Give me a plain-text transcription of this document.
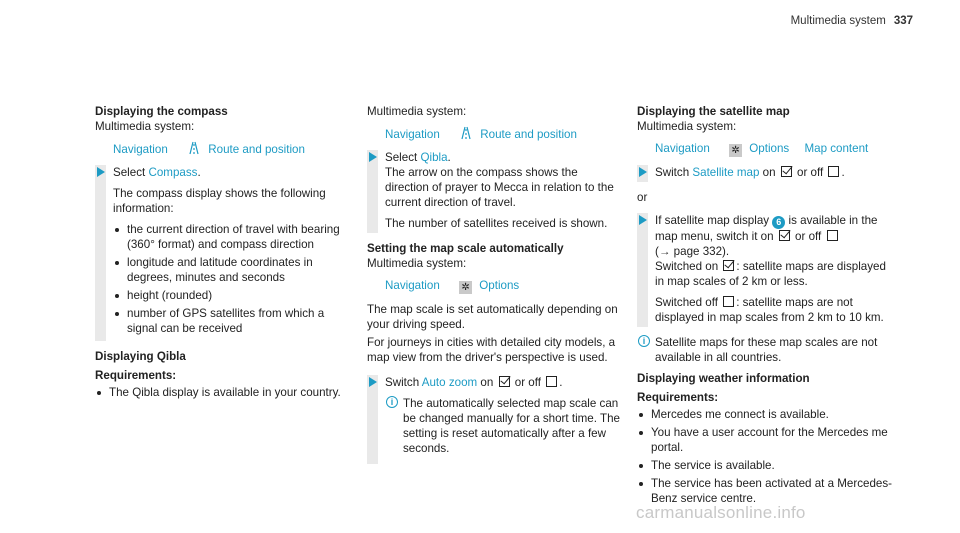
Multimedia system 337
Displaying the compass
Multimedia system:
Navigation	Route and position

Select Compass.

The compass display shows the following information:

the current direction of travel with bearing (360° format) and compass direction
longitude and latitude coordinates in degrees, minutes and seconds
height (rounded)
number of GPS satellites from which a signal can be received
Displaying Qibla
Requirements:
The Qibla display is available in your country.
Multimedia system:
Navigation	Route and position

Select Qibla.
The arrow on the compass shows the direction of prayer to Mecca in relation to the current direction of travel.

The number of satellites received is shown.

Setting the map scale automatically
Multimedia system:
Navigation ✲ Options
The map scale is set automatically depending on your driving speed.
For journeys in cities with detailed city models, a map view from the driver's perspective is used.

Switch Auto zoom on or off .

i The automatically selected map scale can be changed manually for a short time. The setting is reset automatically after a few seconds.
Displaying the satellite map
Multimedia system:
Navigation ✲ Options Map content

Switch Satellite map on or off .

or

If satellite map display 6 is available in the map menu, switch it on or off
(→ page 332).
Switched on : satellite maps are displayed in map scales of 2 km or less.

Switched off : satellite maps are not displayed in map scales from 2 km to 10 km.

i Satellite maps for these map scales are not available in all countries.
Displaying weather information
Requirements:
Mercedes me connect is available.
You have a user account for the Mercedes me portal.
The service is available.
The service has been activated at a Mercedes-Benz service centre.
carmanualsonline.info
